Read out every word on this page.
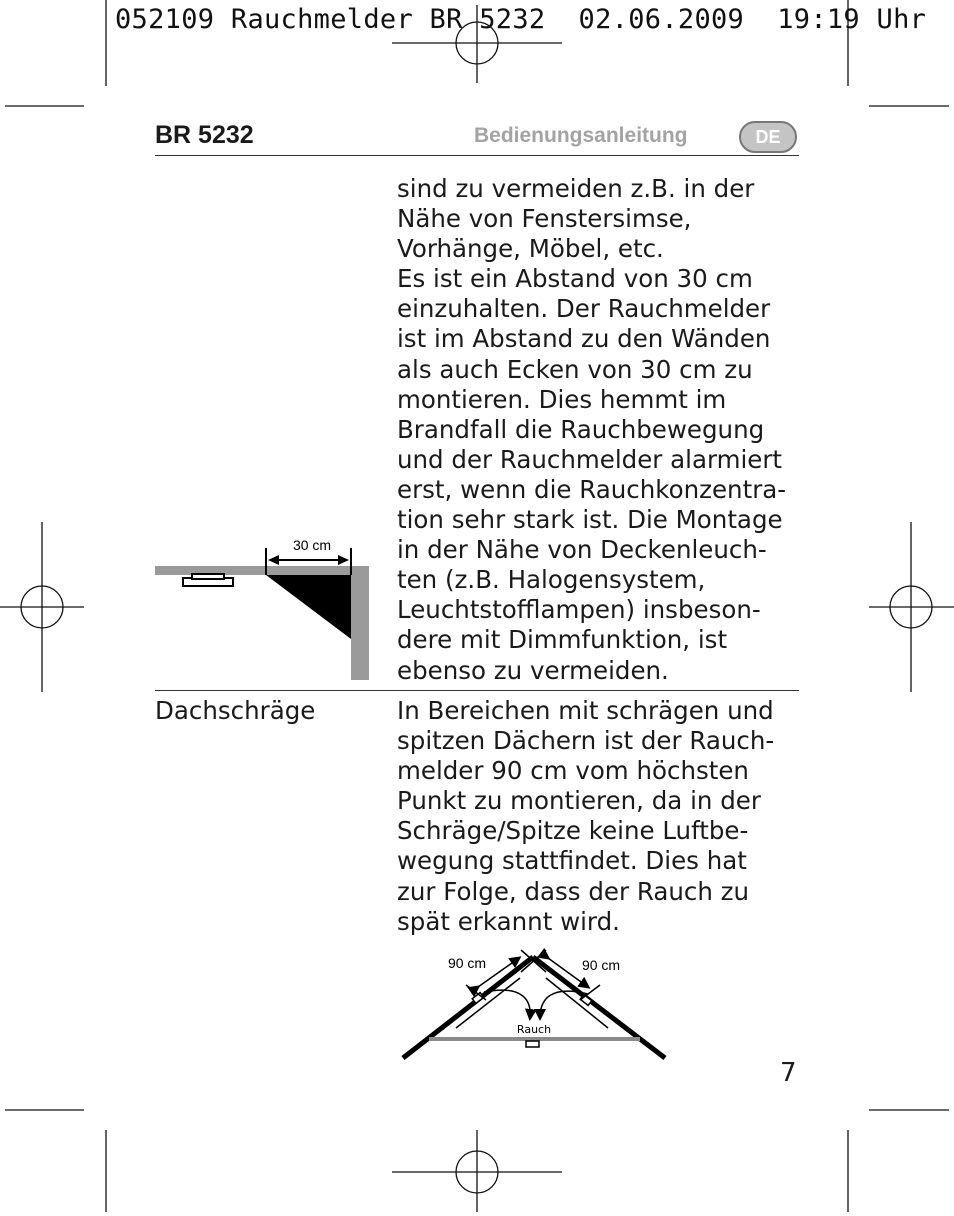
052109 Rauchmelder BR 5232  02.06.2009  19:19 Uhr
BR 5232	Bedienungsanleitung	DE
sind zu vermeiden z.B. in der
Nähe von Fenstersimse,
Vorhänge, Möbel, etc.
Es ist ein Abstand von 30 cm
einzuhalten. Der Rauchmelder
ist im Abstand zu den Wänden
als auch Ecken von 30 cm zu
montieren. Dies hemmt im
Brandfall die Rauchbewegung
und der Rauchmelder alarmiert
erst, wenn die Rauchkonzentra-
tion sehr stark ist. Die Montage
in der Nähe von Deckenleuch-
ten (z.B. Halogensystem,
Leuchtstofflampen) insbeson-
dere mit Dimmfunktion, ist
ebenso zu vermeiden.
30 cm
Dachschräge	In Bereichen mit schrägen und
spitzen Dächern ist der Rauch-
melder 90 cm vom höchsten
Punkt zu montieren, da in der
Schräge/Spitze keine Luftbe-
wegung stattfindet. Dies hat
zur Folge, dass der Rauch zu
spät erkannt wird.
90 cm	90 cm
Rauch
7
